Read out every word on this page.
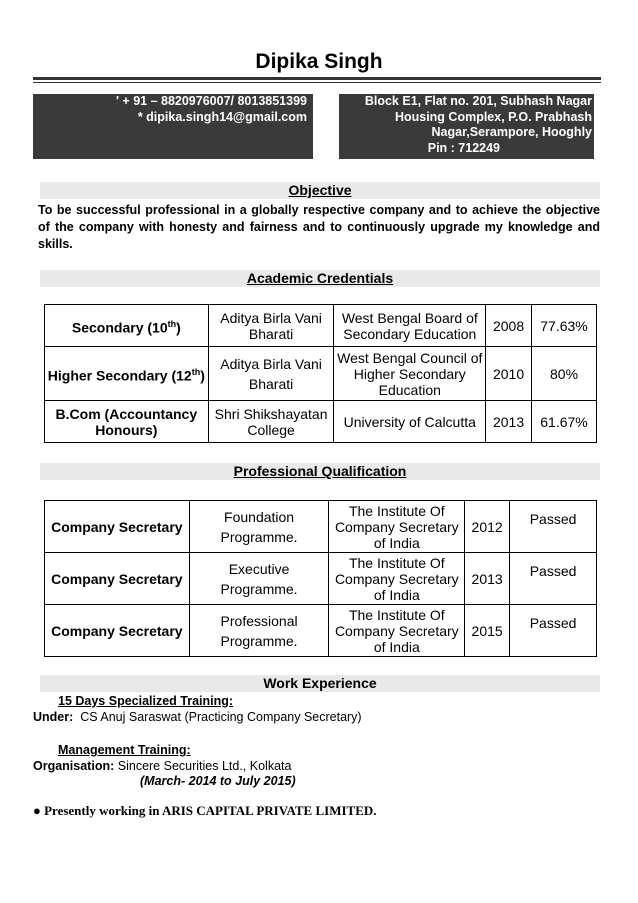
Dipika Singh
' + 91 – 8820976007/ 8013851399
* dipika.singh14@gmail.com
Block E1, Flat no. 201, Subhash Nagar
Housing Complex, P.O. Prabhash
Nagar,Serampore, Hooghly
Pin : 712249
Objective
To be successful professional in a globally respective company and to achieve the objective of the company with honesty and fairness and to continuously upgrade my knowledge and skills.
Academic Credentials
Secondary (10th)	Aditya Birla Vani Bharati	West Bengal Board of Secondary Education	2008	77.63%
Higher Secondary (12th)	Aditya Birla Vani Bharati	West Bengal Council of Higher Secondary Education	2010	80%
B.Com (Accountancy Honours)	Shri Shikshayatan College	University of Calcutta	2013	61.67%
Professional Qualification
Company Secretary	Foundation Programme.	The Institute Of Company Secretary of India	2012	Passed
Company Secretary	Executive Programme.	The Institute Of Company Secretary of India	2013	Passed
Company Secretary	Professional Programme.	The Institute Of Company Secretary of India	2015	Passed
Work Experience
15 Days Specialized Training:
Under: CS Anuj Saraswat (Practicing Company Secretary)
Management Training:
Organisation: Sincere Securities Ltd., Kolkata
(March- 2014 to July 2015)
● Presently working in ARIS CAPITAL PRIVATE LIMITED.
